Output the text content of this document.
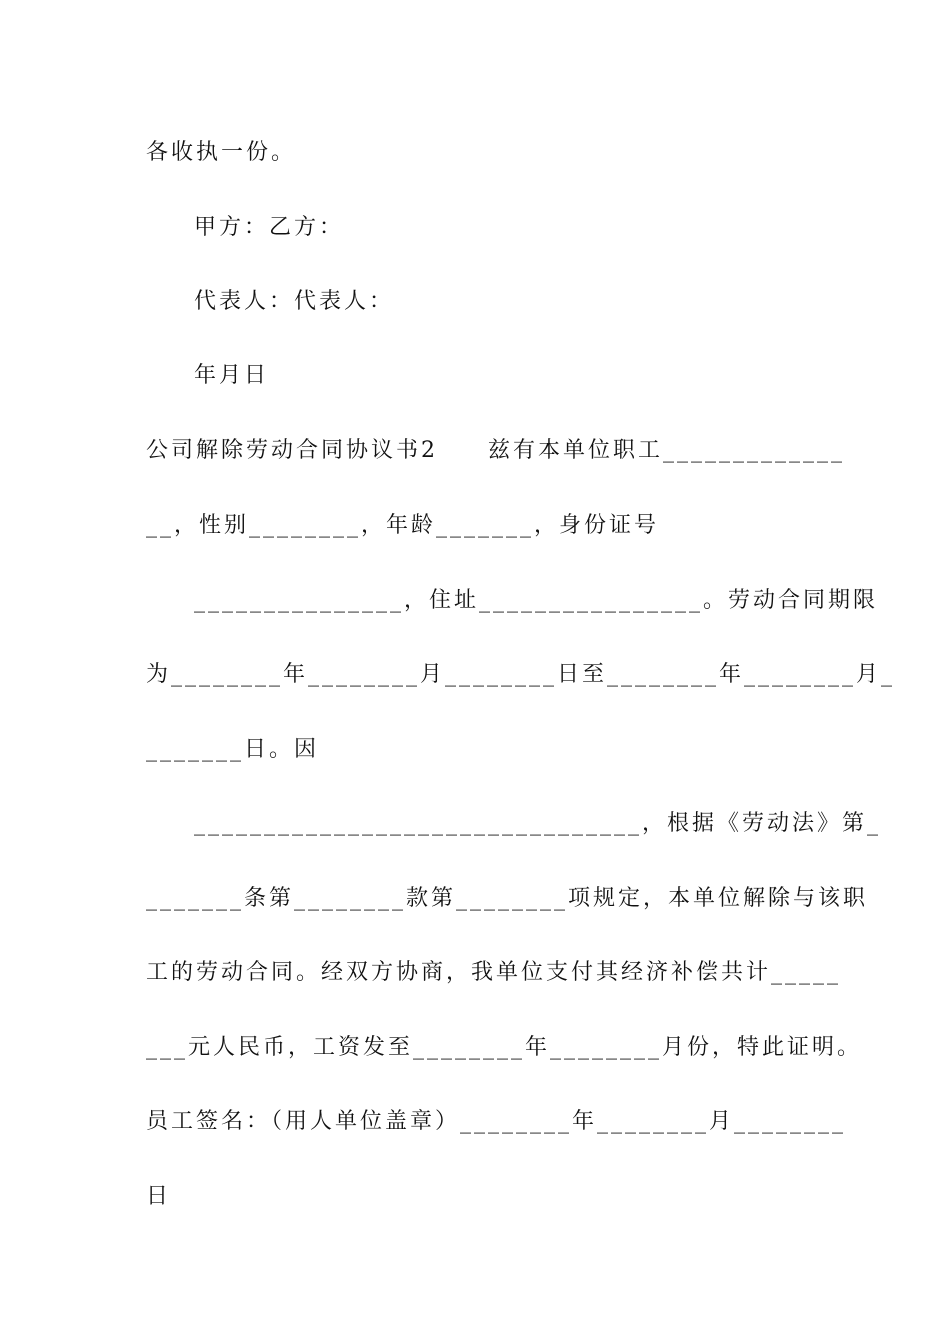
各收执一份。
甲方：乙方：
代表人：代表人：
年月日
公司解除劳动合同协议书2　　兹有本单位职工_____________
__，性别________，年龄_______，身份证号
_______________，住址________________。劳动合同期限
为________年________月________日至________年________月_
_______日。因
________________________________，根据《劳动法》第_
_______条第________款第________项规定，本单位解除与该职
工的劳动合同。经双方协商，我单位支付其经济补偿共计_____
___元人民币，工资发至________年________月份，特此证明。
员工签名：（用人单位盖章）________年________月________
日
